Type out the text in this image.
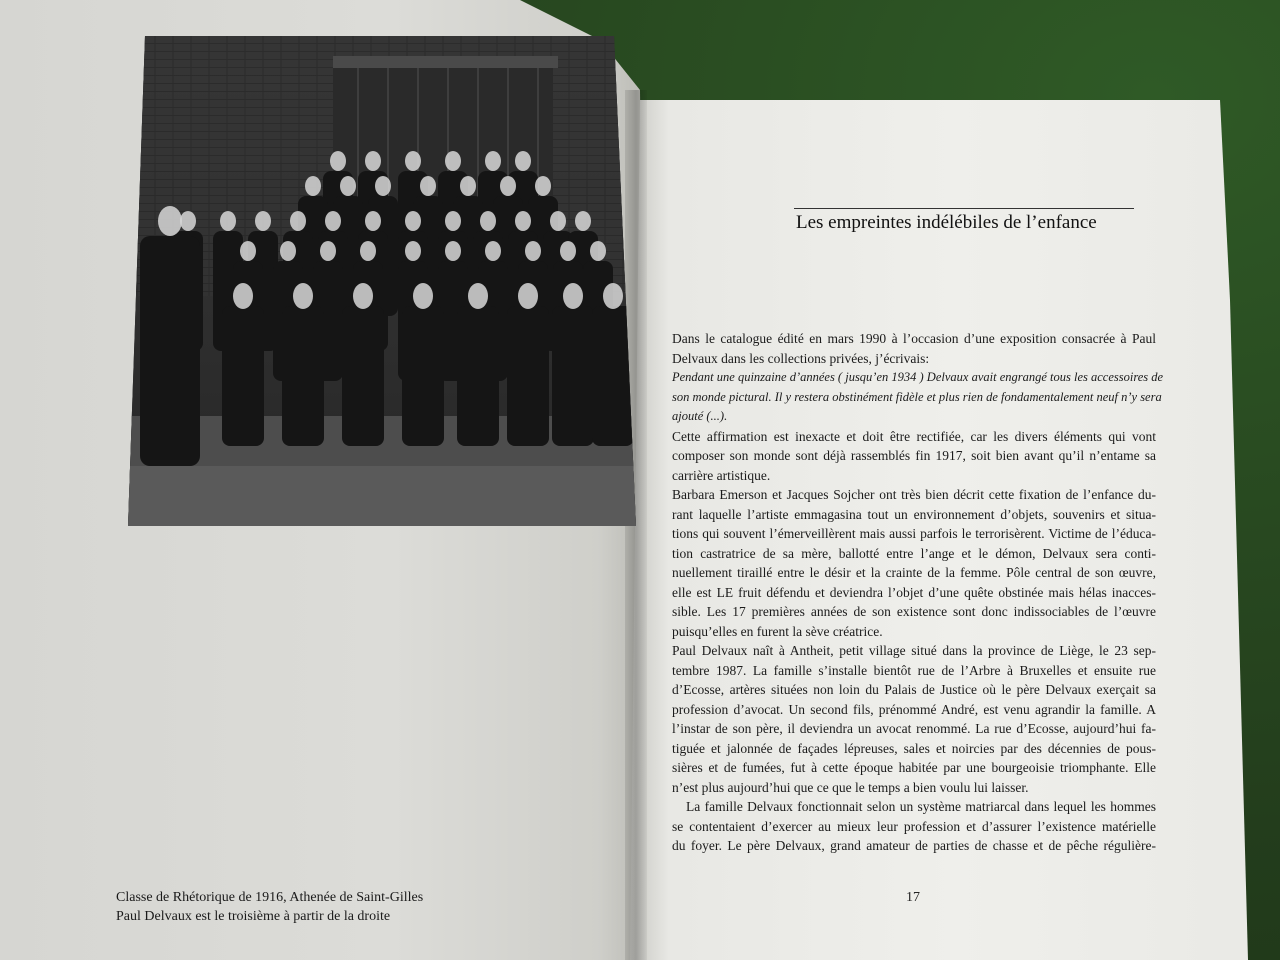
Classe de Rhétorique de 1916, Athenée de Saint-Gilles
Paul Delvaux est le troisième à partir de la droite
Les empreintes indélébiles de l’enfance

Dans le catalogue édité en mars 1990 à l’occasion d’une exposition consacrée à Paul
Delvaux dans les collections privées, j’écrivais:

Pendant une quinzaine d’années ( jusqu’en 1934 ) Delvaux avait engrangé tous les accessoires de
son monde pictural. Il y restera obstinément fidèle et plus rien de fondamentalement neuf n’y sera
ajouté (...).

Cette affirmation est inexacte et doit être rectifiée, car les divers éléments qui vont
composer son monde sont déjà rassemblés fin 1917, soit bien avant qu’il n’entame sa
carrière artistique.

Barbara Emerson et Jacques Sojcher ont très bien décrit cette fixation de l’enfance du-
rant laquelle l’artiste emmagasina tout un environnement d’objets, souvenirs et situa-
tions qui souvent l’émerveillèrent mais aussi parfois le terrorisèrent. Victime de l’éduca-
tion castratrice de sa mère, ballotté entre l’ange et le démon, Delvaux sera conti-
nuellement tiraillé entre le désir et la crainte de la femme. Pôle central de son œuvre,
elle est LE fruit défendu et deviendra l’objet d’une quête obstinée mais hélas inacces-
sible. Les 17 premières années de son existence sont donc indissociables de l’œuvre
puisqu’elles en furent la sève créatrice.

Paul Delvaux naît à Antheit, petit village situé dans la province de Liège, le 23 sep-
tembre 1987. La famille s’installe bientôt rue de l’Arbre à Bruxelles et ensuite rue
d’Ecosse, artères situées non loin du Palais de Justice où le père Delvaux exerçait sa
profession d’avocat. Un second fils, prénommé André, est venu agrandir la famille. A
l’instar de son père, il deviendra un avocat renommé. La rue d’Ecosse, aujourd’hui fa-
tiguée et jalonnée de façades lépreuses, sales et noircies par des décennies de pous-
sières et de fumées, fut à cette époque habitée par une bourgeoisie triomphante. Elle
n’est plus aujourd’hui que ce que le temps a bien voulu lui laisser.
La famille Delvaux fonctionnait selon un système matriarcal dans lequel les hommes
se contentaient d’exercer au mieux leur profession et d’assurer l’existence matérielle
du foyer. Le père Delvaux, grand amateur de parties de chasse et de pêche régulière-

17
